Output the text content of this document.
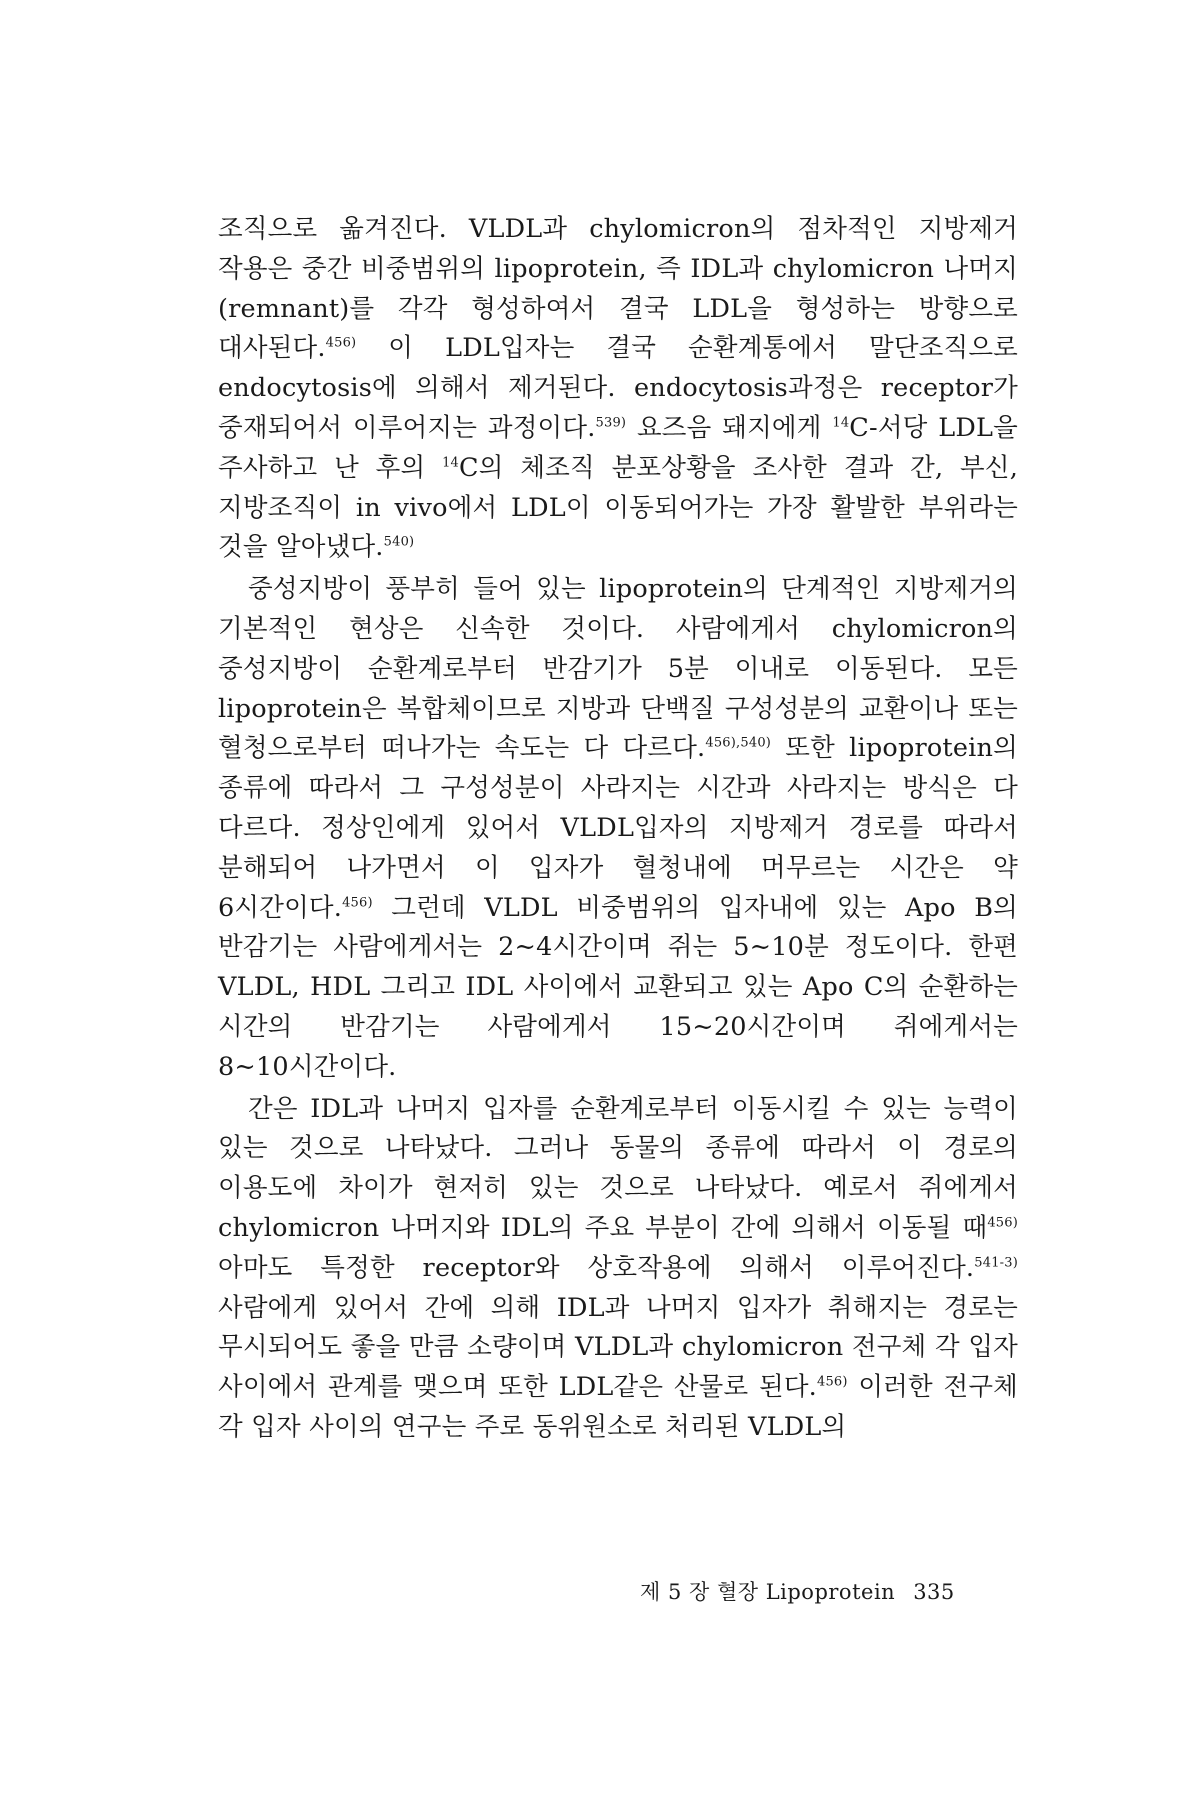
조직으로 옮겨진다. VLDL과 chylomicron의 점차적인 지방제거 작용은 중간 비중범위의 lipoprotein, 즉 IDL과 chylomicron 나머지(remnant)를 각각 형성하여서 결국 LDL을 형성하는 방향으로 대사된다.$^{456)}$ 이 LDL입자는 결국 순환계통에서 말단조직으로 endocytosis에 의해서 제거된다. endocytosis과정은 receptor가 중재되어서 이루어지는 과정이다.$^{539)}$ 요즈음 돼지에게 $^{14}$C-서당 LDL을 주사하고 난 후의 $^{14}$C의 체조직 분포상황을 조사한 결과 간, 부신, 지방조직이 in vivo에서 LDL이 이동되어가는 가장 활발한 부위라는 것을 알아냈다.$^{540)}$

중성지방이 풍부히 들어 있는 lipoprotein의 단계적인 지방제거의 기본적인 현상은 신속한 것이다. 사람에게서 chylomicron의 중성지방이 순환계로부터 반감기가 5분 이내로 이동된다. 모든 lipoprotein은 복합체이므로 지방과 단백질 구성성분의 교환이나 또는 혈청으로부터 떠나가는 속도는 다 다르다.$^{456),540)}$ 또한 lipoprotein의 종류에 따라서 그 구성성분이 사라지는 시간과 사라지는 방식은 다 다르다. 정상인에게 있어서 VLDL입자의 지방제거 경로를 따라서 분해되어 나가면서 이 입자가 혈청내에 머무르는 시간은 약 6시간이다.$^{456)}$ 그런데 VLDL 비중범위의 입자내에 있는 Apo B의 반감기는 사람에게서는 2∼4시간이며 쥐는 5∼10분 정도이다. 한편 VLDL, HDL 그리고 IDL 사이에서 교환되고 있는 Apo C의 순환하는 시간의 반감기는 사람에게서 15∼20시간이며 쥐에게서는 8∼10시간이다.

간은 IDL과 나머지 입자를 순환계로부터 이동시킬 수 있는 능력이 있는 것으로 나타났다. 그러나 동물의 종류에 따라서 이 경로의 이용도에 차이가 현저히 있는 것으로 나타났다. 예로서 쥐에게서 chylomicron 나머지와 IDL의 주요 부분이 간에 의해서 이동될 때$^{456)}$ 아마도 특정한 receptor와 상호작용에 의해서 이루어진다.$^{541-3)}$ 사람에게 있어서 간에 의해 IDL과 나머지 입자가 취해지는 경로는 무시되어도 좋을 만큼 소량이며 VLDL과 chylomicron 전구체 각 입자 사이에서 관계를 맺으며 또한 LDL같은 산물로 된다.$^{456)}$ 이러한 전구체 각 입자 사이의 연구는 주로 동위원소로 처리된 VLDL의

제 5 장 혈장 Lipoprotein 335
